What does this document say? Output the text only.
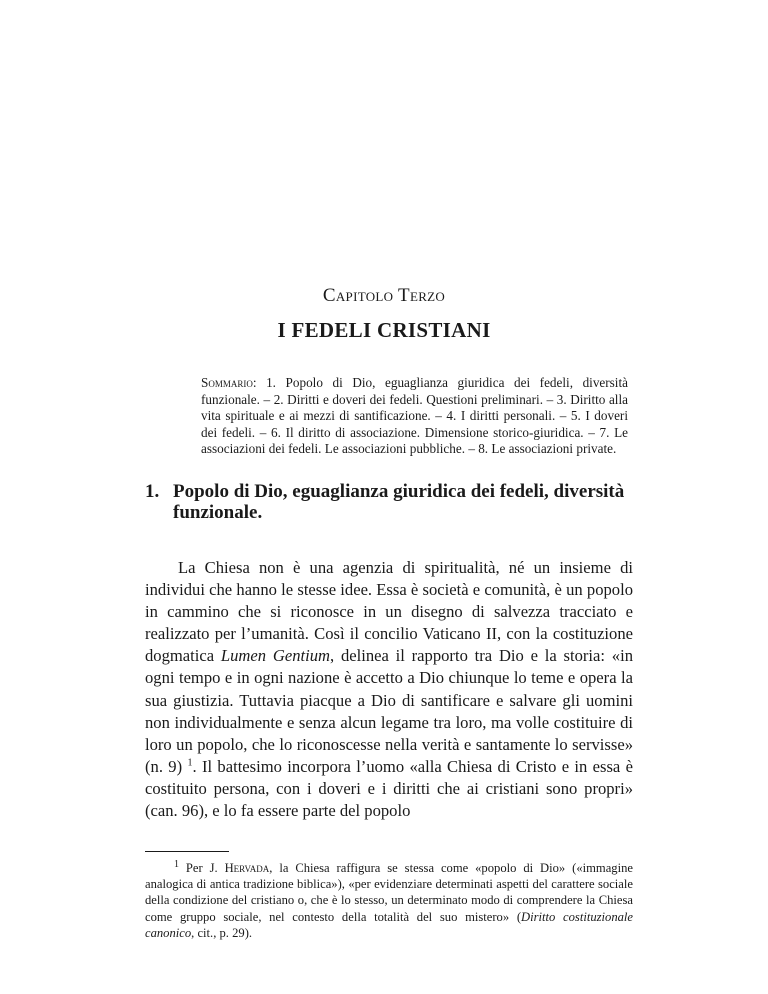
Capitolo Terzo
I FEDELI CRISTIANI
Sommario: 1. Popolo di Dio, eguaglianza giuridica dei fedeli, diversità funzionale. – 2. Diritti e doveri dei fedeli. Questioni preliminari. – 3. Diritto alla vita spirituale e ai mezzi di santificazione. – 4. I diritti personali. – 5. I doveri dei fedeli. – 6. Il diritto di associazione. Dimensione storico-giuridica. – 7. Le associazioni dei fedeli. Le associazioni pubbliche. – 8. Le associazioni private.
1. Popolo di Dio, eguaglianza giuridica dei fedeli, diversità funzionale.

La Chiesa non è una agenzia di spiritualità, né un insieme di individui che hanno le stesse idee. Essa è società e comunità, è un popolo in cammino che si riconosce in un disegno di salvezza tracciato e realizzato per l’umanità. Così il concilio Vaticano II, con la costituzione dogmatica Lumen Gentium, delinea il rapporto tra Dio e la storia: «in ogni tempo e in ogni nazione è accetto a Dio chiunque lo teme e opera la sua giustizia. Tuttavia piacque a Dio di santificare e salvare gli uomini non individualmente e senza alcun legame tra loro, ma volle costituire di loro un popolo, che lo riconoscesse nella verità e santamente lo servisse» (n. 9) $^1$. Il battesimo incorpora l’uomo «alla Chiesa di Cristo e in essa è costituito persona, con i doveri e i diritti che ai cristiani sono propri» (can. 96), e lo fa essere parte del popolo

$^1$ Per J. Hervada, la Chiesa raffigura se stessa come «popolo di Dio» («immagine analogica di antica tradizione biblica»), «per evidenziare determinati aspetti del carattere sociale della condizione del cristiano o, che è lo stesso, un determinato modo di comprendere la Chiesa come gruppo sociale, nel contesto della totalità del suo mistero» (Diritto costituzionale canonico, cit., p. 29).
